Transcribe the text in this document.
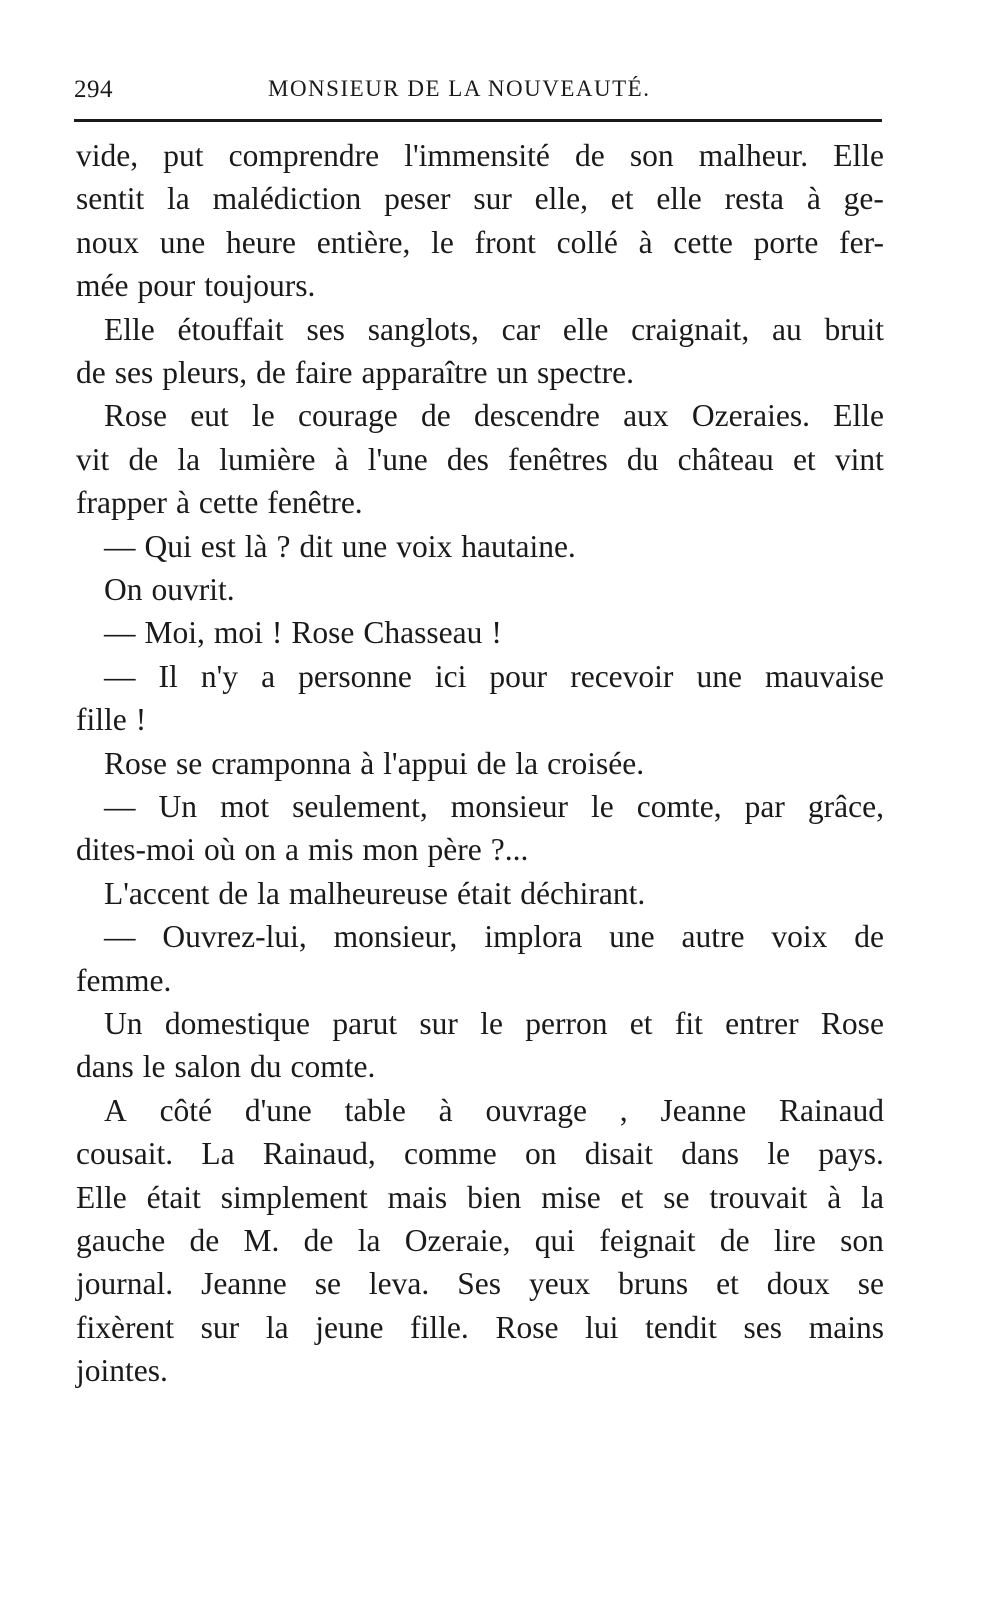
294	MONSIEUR DE LA NOUVEAUTÉ.
vide, put comprendre l'immensité de son malheur. Elle
sentit la malédiction peser sur elle, et elle resta à ge-
noux une heure entière, le front collé à cette porte fer-
mée pour toujours.
Elle étouffait ses sanglots, car elle craignait, au bruit
de ses pleurs, de faire apparaître un spectre.
Rose eut le courage de descendre aux Ozeraies. Elle
vit de la lumière à l'une des fenêtres du château et vint
frapper à cette fenêtre.
— Qui est là ? dit une voix hautaine.
On ouvrit.
— Moi, moi ! Rose Chasseau !
— Il n'y a personne ici pour recevoir une mauvaise
fille !
Rose se cramponna à l'appui de la croisée.
— Un mot seulement, monsieur le comte, par grâce,
dites-moi où on a mis mon père ?...
L'accent de la malheureuse était déchirant.
— Ouvrez-lui, monsieur, implora une autre voix de
femme.
Un domestique parut sur le perron et fit entrer Rose
dans le salon du comte.
A côté d'une table à ouvrage , Jeanne Rainaud
cousait. La Rainaud, comme on disait dans le pays.
Elle était simplement mais bien mise et se trouvait à la
gauche de M. de la Ozeraie, qui feignait de lire son
journal. Jeanne se leva. Ses yeux bruns et doux se
fixèrent sur la jeune fille. Rose lui tendit ses mains
jointes.
